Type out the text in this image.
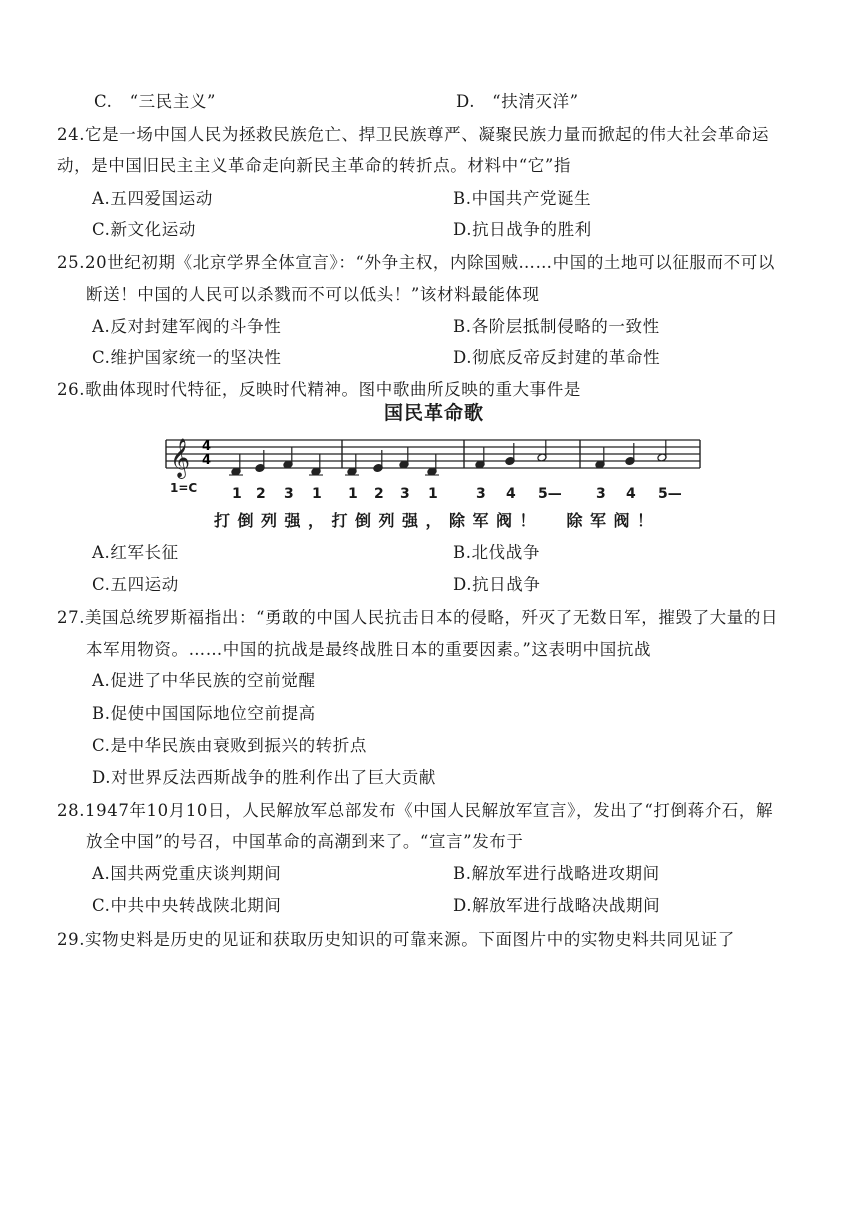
C.　“三民主义”	D.　“扶清灭洋”
24.它是一场中国人民为拯救民族危亡、捍卫民族尊严、凝聚民族力量而掀起的伟大社会革命运
动，是中国旧民主主义革命走向新民主革命的转折点。材料中“它”指
A.五四爱国运动	B.中国共产党诞生
C.新文化运动	D.抗日战争的胜利
25.20世纪初期《北京学界全体宣言》：“外争主权，内除国贼……中国的土地可以征服而不可以
断送！中国的人民可以杀戮而不可以低头！”该材料最能体现
A.反对封建军阀的斗争性	B.各阶层抵制侵略的一致性
C.维护国家统一的坚决性	D.彻底反帝反封建的革命性
26.歌曲体现时代特征，反映时代精神。图中歌曲所反映的重大事件是
国民革命歌
𝄞 4
4
1=C 1 2 3 1 1 2 3 1	3 4 5— 3 4 5—
打倒列强，打倒列强，除军阀！　除军阀！
A.红军长征	B.北伐战争
C.五四运动	D.抗日战争
27.美国总统罗斯福指出：“勇敢的中国人民抗击日本的侵略，歼灭了无数日军，摧毁了大量的日
本军用物资。……中国的抗战是最终战胜日本的重要因素。”这表明中国抗战
A.促进了中华民族的空前觉醒
B.促使中国国际地位空前提高
C.是中华民族由衰败到振兴的转折点
D.对世界反法西斯战争的胜利作出了巨大贡献
28.1947年10月10日，人民解放军总部发布《中国人民解放军宣言》，发出了“打倒蒋介石，解
放全中国”的号召，中国革命的高潮到来了。“宣言”发布于
A.国共两党重庆谈判期间	B.解放军进行战略进攻期间
C.中共中央转战陕北期间	D.解放军进行战略决战期间
29.实物史料是历史的见证和获取历史知识的可靠来源。下面图片中的实物史料共同见证了
